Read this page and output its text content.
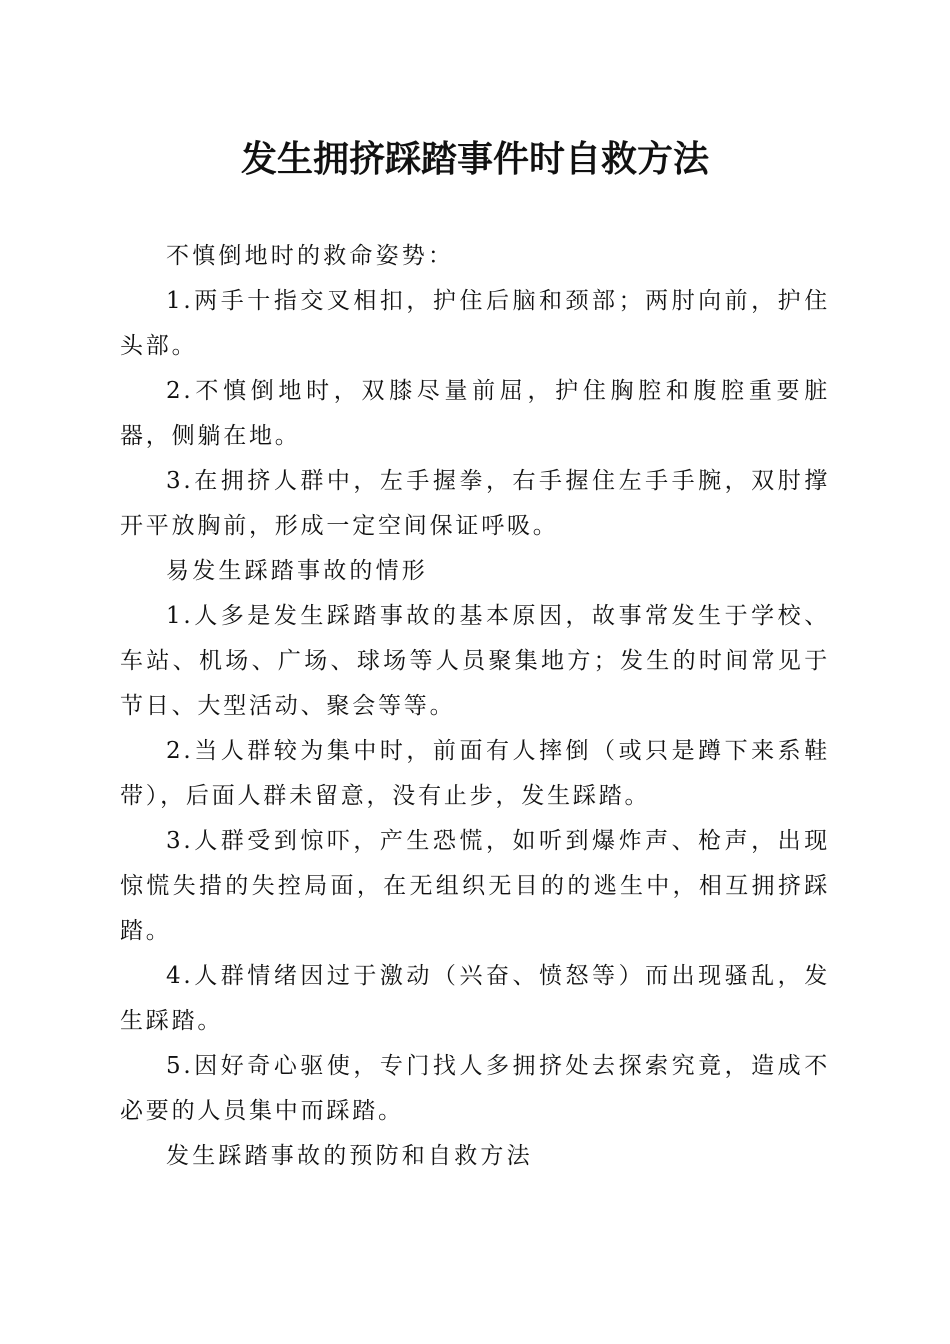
发生拥挤踩踏事件时自救方法

不慎倒地时的救命姿势：

1.两手十指交叉相扣，护住后脑和颈部；两肘向前，护住头部。

2.不慎倒地时，双膝尽量前屈，护住胸腔和腹腔重要脏器，侧躺在地。

3.在拥挤人群中，左手握拳，右手握住左手手腕，双肘撑开平放胸前，形成一定空间保证呼吸。

易发生踩踏事故的情形

1.人多是发生踩踏事故的基本原因，故事常发生于学校、车站、机场、广场、球场等人员聚集地方；发生的时间常见于节日、大型活动、聚会等等。

2.当人群较为集中时，前面有人摔倒（或只是蹲下来系鞋带），后面人群未留意，没有止步，发生踩踏。

3.人群受到惊吓，产生恐慌，如听到爆炸声、枪声，出现惊慌失措的失控局面，在无组织无目的的逃生中，相互拥挤踩踏。

4.人群情绪因过于激动（兴奋、愤怒等）而出现骚乱，发生踩踏。

5.因好奇心驱使，专门找人多拥挤处去探索究竟，造成不必要的人员集中而踩踏。

发生踩踏事故的预防和自救方法
